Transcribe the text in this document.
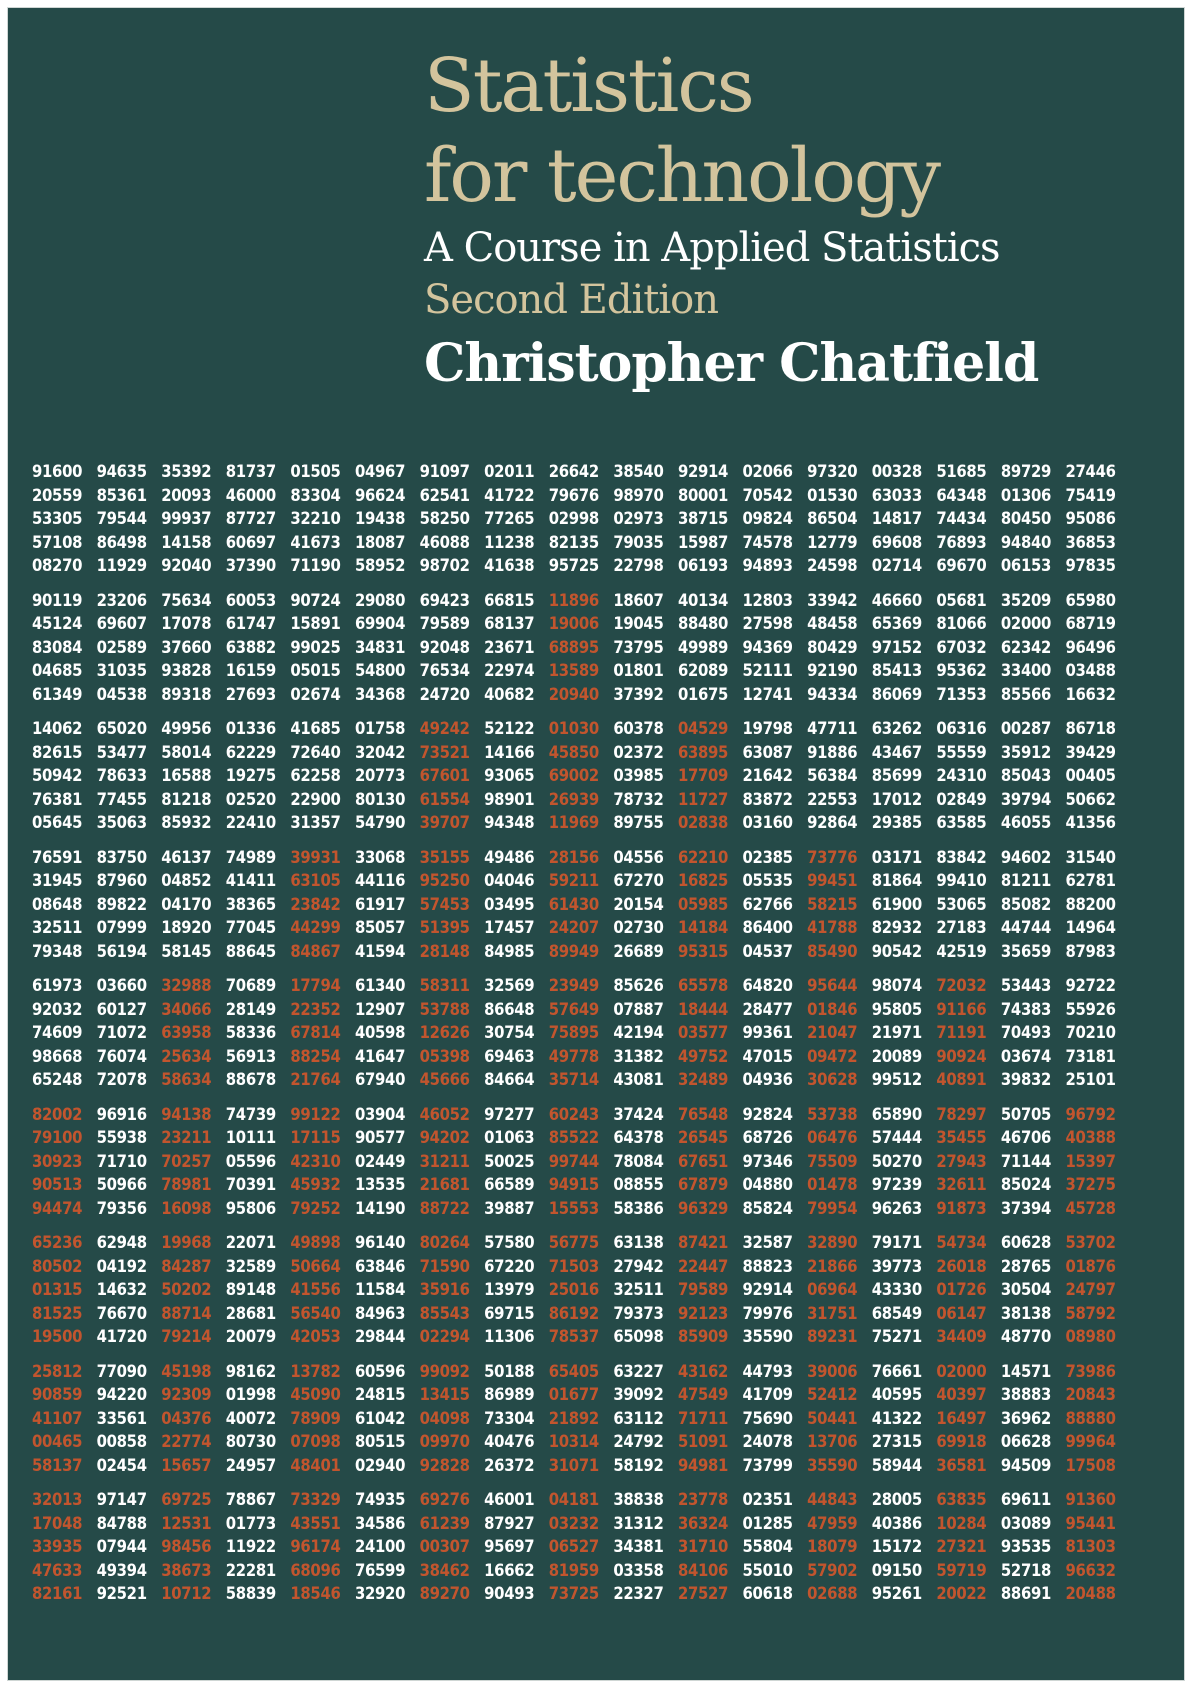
Statistics
for technology
A Course in Applied Statistics
Second Edition
Christopher Chatfield
91600 94635 35392 81737 01505 04967 91097 02011 26642 38540 92914 02066 97320 00328 51685 89729 27446
20559 85361 20093 46000 83304 96624 62541 41722 79676 98970 80001 70542 01530 63033 64348 01306 75419
53305 79544 99937 87727 32210 19438 58250 77265 02998 02973 38715 09824 86504 14817 74434 80450 95086
57108 86498 14158 60697 41673 18087 46088 11238 82135 79035 15987 74578 12779 69608 76893 94840 36853
08270 11929 92040 37390 71190 58952 98702 41638 95725 22798 06193 94893 24598 02714 69670 06153 97835
90119 23206 75634 60053 90724 29080 69423 66815 11896 18607 40134 12803 33942 46660 05681 35209 65980
45124 69607 17078 61747 15891 69904 79589 68137 19006 19045 88480 27598 48458 65369 81066 02000 68719
83084 02589 37660 63882 99025 34831 92048 23671 68895 73795 49989 94369 80429 97152 67032 62342 96496
04685 31035 93828 16159 05015 54800 76534 22974 13589 01801 62089 52111 92190 85413 95362 33400 03488
61349 04538 89318 27693 02674 34368 24720 40682 20940 37392 01675 12741 94334 86069 71353 85566 16632
14062 65020 49956 01336 41685 01758 49242 52122 01030 60378 04529 19798 47711 63262 06316 00287 86718
82615 53477 58014 62229 72640 32042 73521 14166 45850 02372 63895 63087 91886 43467 55559 35912 39429
50942 78633 16588 19275 62258 20773 67601 93065 69002 03985 17709 21642 56384 85699 24310 85043 00405
76381 77455 81218 02520 22900 80130 61554 98901 26939 78732 11727 83872 22553 17012 02849 39794 50662
05645 35063 85932 22410 31357 54790 39707 94348 11969 89755 02838 03160 92864 29385 63585 46055 41356
76591 83750 46137 74989 39931 33068 35155 49486 28156 04556 62210 02385 73776 03171 83842 94602 31540
31945 87960 04852 41411 63105 44116 95250 04046 59211 67270 16825 05535 99451 81864 99410 81211 62781
08648 89822 04170 38365 23842 61917 57453 03495 61430 20154 05985 62766 58215 61900 53065 85082 88200
32511 07999 18920 77045 44299 85057 51395 17457 24207 02730 14184 86400 41788 82932 27183 44744 14964
79348 56194 58145 88645 84867 41594 28148 84985 89949 26689 95315 04537 85490 90542 42519 35659 87983
61973 03660 32988 70689 17794 61340 58311 32569 23949 85626 65578 64820 95644 98074 72032 53443 92722
92032 60127 34066 28149 22352 12907 53788 86648 57649 07887 18444 28477 01846 95805 91166 74383 55926
74609 71072 63958 58336 67814 40598 12626 30754 75895 42194 03577 99361 21047 21971 71191 70493 70210
98668 76074 25634 56913 88254 41647 05398 69463 49778 31382 49752 47015 09472 20089 90924 03674 73181
65248 72078 58634 88678 21764 67940 45666 84664 35714 43081 32489 04936 30628 99512 40891 39832 25101
82002 96916 94138 74739 99122 03904 46052 97277 60243 37424 76548 92824 53738 65890 78297 50705 96792
79100 55938 23211 10111 17115 90577 94202 01063 85522 64378 26545 68726 06476 57444 35455 46706 40388
30923 71710 70257 05596 42310 02449 31211 50025 99744 78084 67651 97346 75509 50270 27943 71144 15397
90513 50966 78981 70391 45932 13535 21681 66589 94915 08855 67879 04880 01478 97239 32611 85024 37275
94474 79356 16098 95806 79252 14190 88722 39887 15553 58386 96329 85824 79954 96263 91873 37394 45728
65236 62948 19968 22071 49898 96140 80264 57580 56775 63138 87421 32587 32890 79171 54734 60628 53702
80502 04192 84287 32589 50664 63846 71590 67220 71503 27942 22447 88823 21866 39773 26018 28765 01876
01315 14632 50202 89148 41556 11584 35916 13979 25016 32511 79589 92914 06964 43330 01726 30504 24797
81525 76670 88714 28681 56540 84963 85543 69715 86192 79373 92123 79976 31751 68549 06147 38138 58792
19500 41720 79214 20079 42053 29844 02294 11306 78537 65098 85909 35590 89231 75271 34409 48770 08980
25812 77090 45198 98162 13782 60596 99092 50188 65405 63227 43162 44793 39006 76661 02000 14571 73986
90859 94220 92309 01998 45090 24815 13415 86989 01677 39092 47549 41709 52412 40595 40397 38883 20843
41107 33561 04376 40072 78909 61042 04098 73304 21892 63112 71711 75690 50441 41322 16497 36962 88880
00465 00858 22774 80730 07098 80515 09970 40476 10314 24792 51091 24078 13706 27315 69918 06628 99964
58137 02454 15657 24957 48401 02940 92828 26372 31071 58192 94981 73799 35590 58944 36581 94509 17508
32013 97147 69725 78867 73329 74935 69276 46001 04181 38838 23778 02351 44843 28005 63835 69611 91360
17048 84788 12531 01773 43551 34586 61239 87927 03232 31312 36324 01285 47959 40386 10284 03089 95441
33935 07944 98456 11922 96174 24100 00307 95697 06527 34381 31710 55804 18079 15172 27321 93535 81303
47633 49394 38673 22281 68096 76599 38462 16662 81959 03358 84106 55010 57902 09150 59719 52718 96632
82161 92521 10712 58839 18546 32920 89270 90493 73725 22327 27527 60618 02688 95261 20022 88691 20488
